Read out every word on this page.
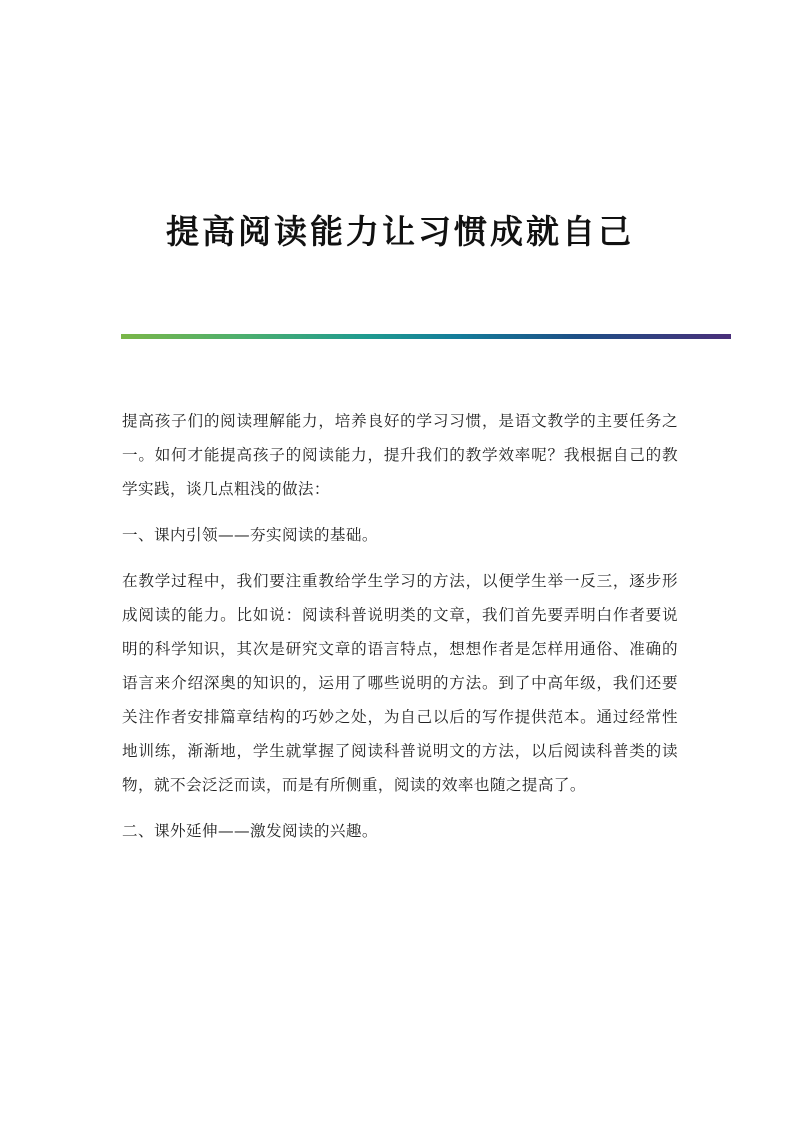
提高阅读能力让习惯成就自己

提高孩子们的阅读理解能力，培养良好的学习习惯，是语文教学的主要任务之一。如何才能提高孩子的阅读能力，提升我们的教学效率呢？我根据自己的教学实践，谈几点粗浅的做法：

一、课内引领——夯实阅读的基础。

在教学过程中，我们要注重教给学生学习的方法，以便学生举一反三，逐步形成阅读的能力。比如说：阅读科普说明类的文章，我们首先要弄明白作者要说明的科学知识，其次是研究文章的语言特点，想想作者是怎样用通俗、准确的语言来介绍深奥的知识的，运用了哪些说明的方法。到了中高年级，我们还要关注作者安排篇章结构的巧妙之处，为自己以后的写作提供范本。通过经常性地训练，渐渐地，学生就掌握了阅读科普说明文的方法，以后阅读科普类的读物，就不会泛泛而读，而是有所侧重，阅读的效率也随之提高了。

二、课外延伸——激发阅读的兴趣。
